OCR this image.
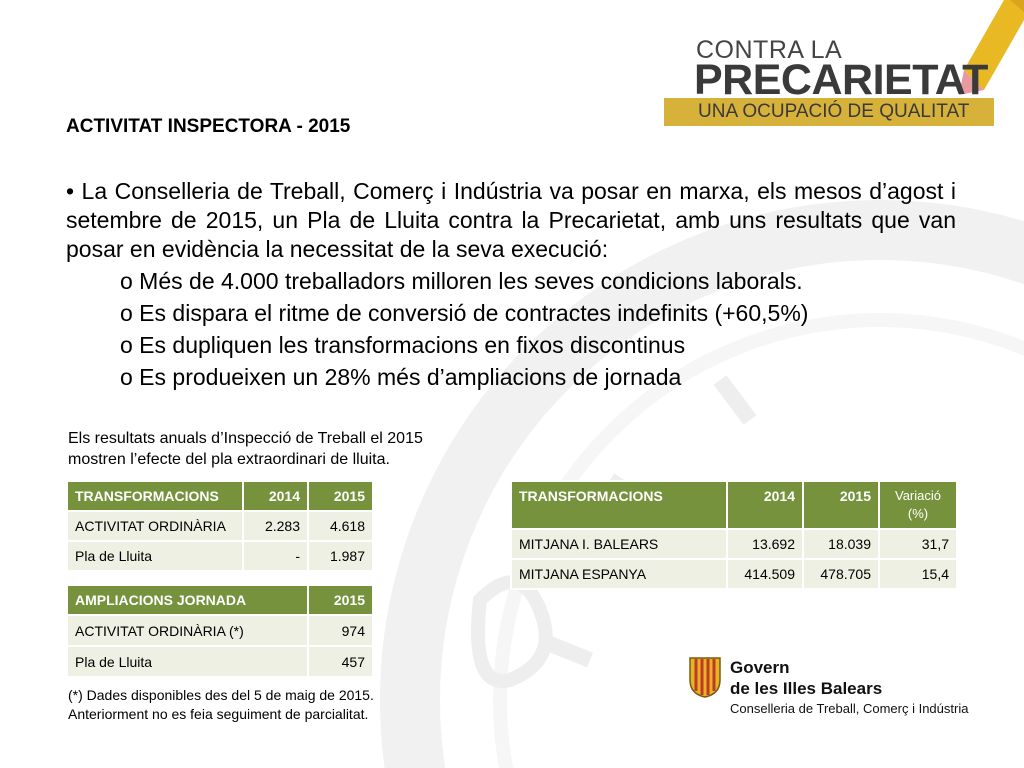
CONTRA LA
PRECARIETAT
UNA OCUPACIÓ DE QUALITAT
ACTIVITAT INSPECTORA - 2015
• La Conselleria de Treball, Comerç i Indústria va posar en marxa, els mesos d’agost i setembre de 2015, un Pla de Lluita contra la Precarietat, amb uns resultats que van posar en evidència la necessitat de la seva execució:
o Més de 4.000 treballadors milloren les seves condicions laborals.
o Es dispara el ritme de conversió de contractes indefinits (+60,5%)
o Es dupliquen les transformacions en fixos discontinus
o Es produeixen un 28% més d’ampliacions de jornada
Els resultats anuals d’Inspecció de Treball el 2015 mostren l’efecte del pla extraordinari de lluita.
TRANSFORMACIONS	2014	2015
ACTIVITAT ORDINÀRIA	2.283	4.618
Pla de Lluita	-	1.987
AMPLIACIONS JORNADA	2015
ACTIVITAT ORDINÀRIA (*)	974
Pla de Lluita	457
TRANSFORMACIONS	2014	2015	Variació (%)
MITJANA I. BALEARS	13.692	18.039	31,7
MITJANA ESPANYA	414.509	478.705	15,4
(*) Dades disponibles des del 5 de maig de 2015. Anteriorment no es feia seguiment de parcialitat.
Govern
de les Illes Balears
Conselleria de Treball, Comerç i Indústria
